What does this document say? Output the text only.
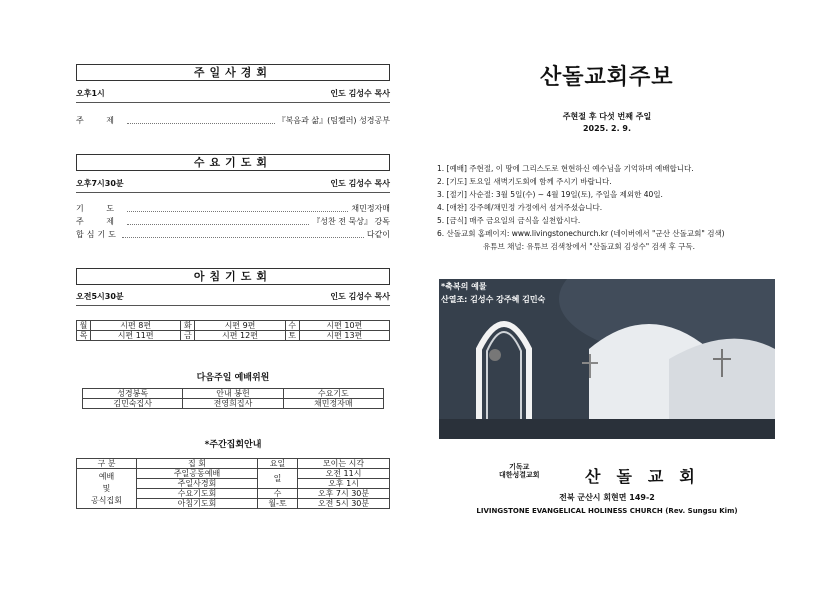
주일사경회
오후1시	인도 김성수 목사
주 제	『복음과 삶』(팀켈러) 성경공부
수요기도회
오후7시30분	인도 김성수 목사
기 도	채민정자매
주 제	『성찬 전 묵상』 강독
합심기도	다같이
아침기도회
오전5시30분	인도 김성수 목사
월	시편 8편	화	시편 9편	수	시편 10편
목	시편 11편	금	시편 12편	토	시편 13편
다음주일 예배위원
성경봉독	안내 봉헌	수요기도
김민숙집사	전영희집사	채민정자매
*주간집회안내
구 분	집 회	요일	모이는 시각
예배
및
공식집회	주일공동예배	일	오전 11시
	주일사경회		오후 1시
	수요기도회	수	오후 7시 30분
	아침기도회	월-토	오전 5시 30분
산돌교회주보
주현절 후 다섯 번째 주일
2025. 2. 9.
1. [예배] 주현절, 이 땅에 그리스도로 현현하신 예수님을 기억하며 예배합니다.
2. [기도] 토요일 새벽기도회에 함께 주시기 바랍니다.
3. [절기] 사순절: 3월 5일(수) ~ 4월 19일(토), 주일을 제외한 40일.
4. [애찬] 강주혜/채민정 가정에서 섬겨주셨습니다.
5. [금식] 매주 금요일의 금식을 실천합시다.
6. 산돌교회 홈페이지: www.livingstonechurch.kr (네이버에서 "군산 산돌교회" 검색)
유튜브 채널: 유튜브 검색창에서 "산돌교회 김성수" 검색 후 구독.
*축복의 예물
산열조: 김성수 강주혜 김민숙
기독교
대한성결교회	산돌교회
전북 군산시 회현면 149-2
LIVINGSTONE EVANGELICAL HOLINESS CHURCH (Rev. Sungsu Kim)
